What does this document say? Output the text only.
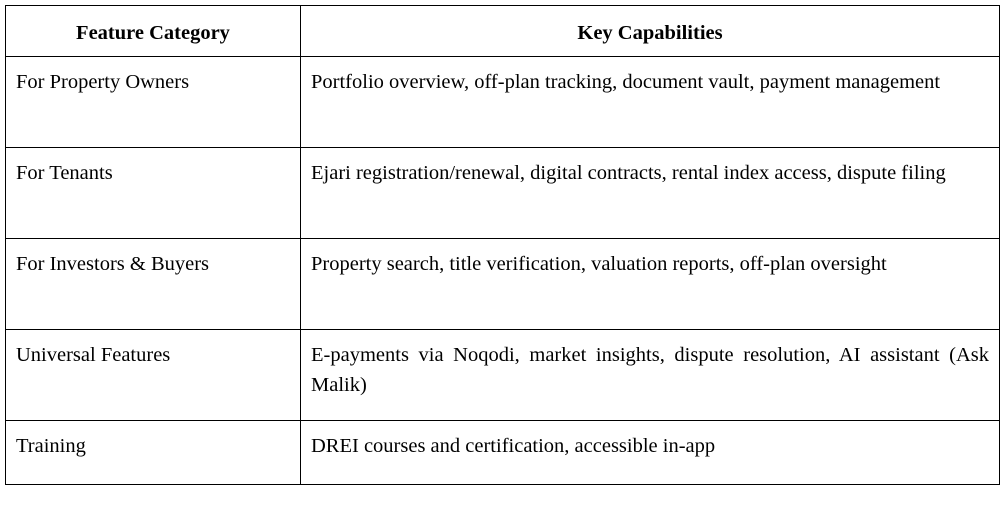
Feature Category	Key Capabilities
For Property Owners	Portfolio overview, off-plan tracking, document vault, payment management
For Tenants	Ejari registration/renewal, digital contracts, rental index access, dispute filing
For Investors & Buyers	Property search, title verification, valuation reports, off-plan oversight
Universal Features	E-payments via Noqodi, market insights, dispute resolution, AI assistant (Ask Malik)
Training	DREI courses and certification, accessible in-app
